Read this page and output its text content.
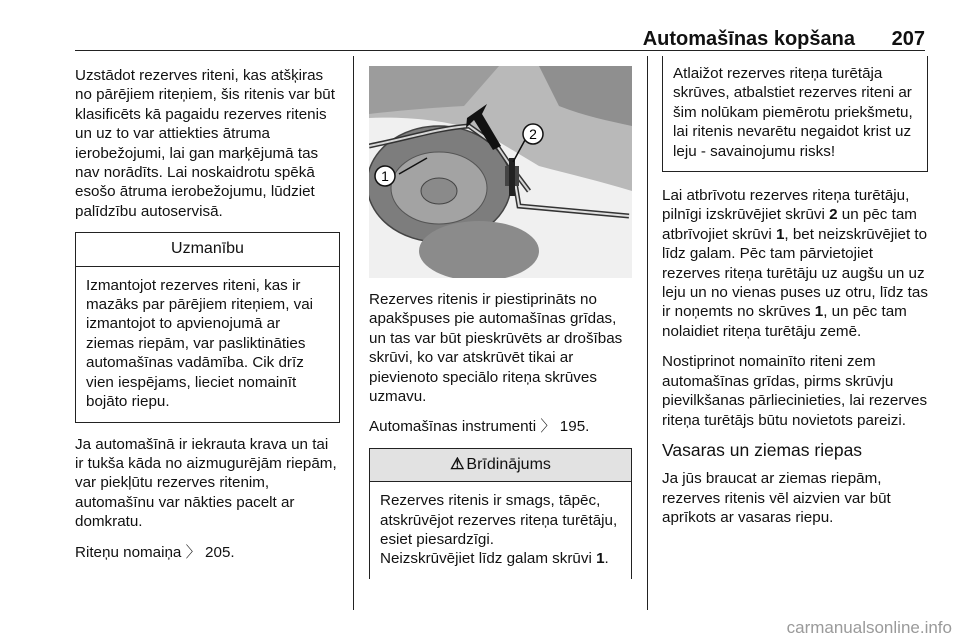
Automašīnas kopšana 207

Uzstādot rezerves riteni, kas atšķiras no pārējiem riteņiem, šis ritenis var būt klasificēts kā pagaidu rezerves ritenis un uz to var attiekties ātruma ierobežojumi, lai gan marķējumā tas nav norādīts. Lai noskaidrotu spēkā esošo ātruma ierobežojumu, lūdziet palīdzību autoservisā.

Uzmanību
Izmantojot rezerves riteni, kas ir mazāks par pārējiem riteņiem, vai izmantojot to apvienojumā ar ziemas riepām, var pasliktināties automašīnas vadāmība. Cik drīz vien iespējams, lieciet nomainīt bojāto riepu.

Ja automašīnā ir iekrauta krava un tai ir tukša kāda no aizmugurējām riepām, var piekļūtu rezerves ritenim, automašīnu var nākties pacelt ar domkratu.

Riteņu nomaiņa 〉 205.

1
2

Rezerves ritenis ir piestiprināts no apakšpuses pie automašīnas grīdas, un tas var būt pieskrūvēts ar drošības skrūvi, ko var atskrūvēt tikai ar pievienoto speciālo riteņa skrūves uzmavu.

Automašīnas instrumenti 〉 195.

⚠ Brīdinājums

Rezerves ritenis ir smags, tāpēc, atskrūvējot rezerves riteņa turētāju, esiet piesardzīgi.

Neizskrūvējiet līdz galam skrūvi 1.

Atlaižot rezerves riteņa turētāja skrūves, atbalstiet rezerves riteni ar šim nolūkam piemērotu priekšmetu, lai ritenis nevarētu negaidot krist uz leju - savainojumu risks!

Lai atbrīvotu rezerves riteņa turētāju, pilnīgi izskrūvējiet skrūvi 2 un pēc tam atbrīvojiet skrūvi 1, bet neizskrūvējiet to līdz galam. Pēc tam pārvietojiet rezerves riteņa turētāju uz augšu un uz leju un no vienas puses uz otru, līdz tas ir noņemts no skrūves 1, un pēc tam nolaidiet riteņa turētāju zemē.

Nostiprinot nomainīto riteni zem automašīnas grīdas, pirms skrūvju pievilkšanas pārliecinieties, lai rezerves riteņa turētājs būtu novietots pareizi.

Vasaras un ziemas riepas

Ja jūs braucat ar ziemas riepām, rezerves ritenis vēl aizvien var būt aprīkots ar vasaras riepu.

carmanualsonline.info
